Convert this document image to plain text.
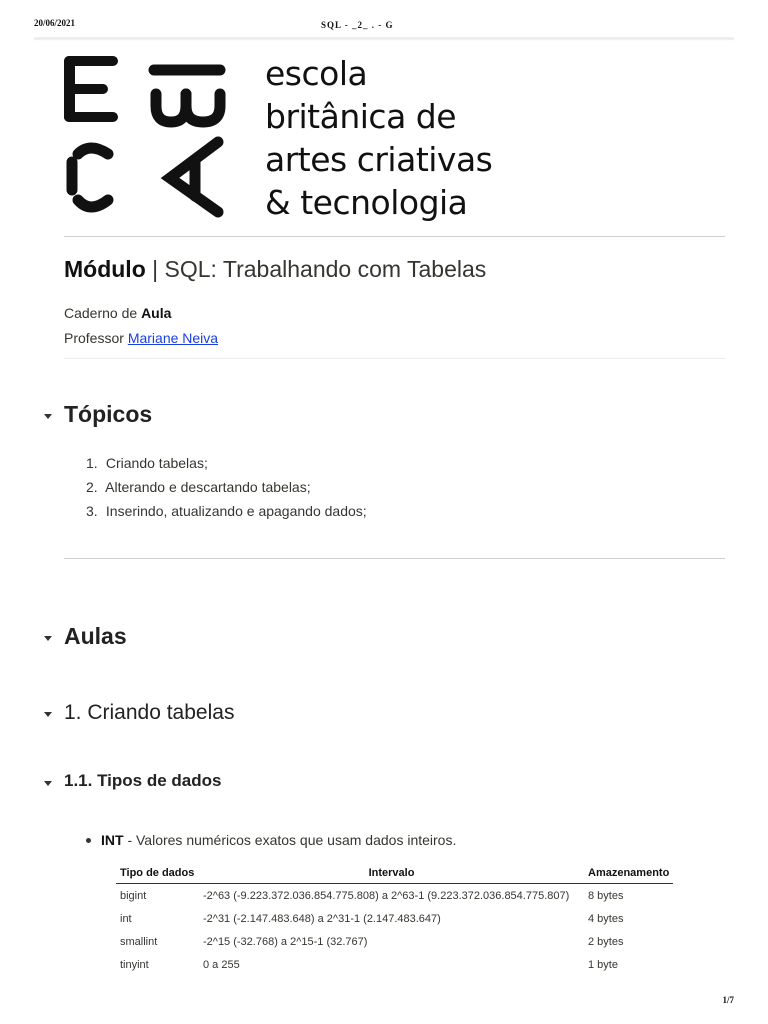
20/06/2021	SQL - _2_ . - G
escola
britânica de
artes criativas
& tecnologia
Módulo | SQL: Trabalhando com Tabelas
Caderno de Aula
Professor Mariane Neiva
Tópicos
1. Criando tabelas;
2. Alterando e descartando tabelas;
3. Inserindo, atualizando e apagando dados;
Aulas
1. Criando tabelas
1.1. Tipos de dados
INT - Valores numéricos exatos que usam dados inteiros.
Tipo de dados	Intervalo	Amazenamento
bigint	-2^63 (-9.223.372.036.854.775.808) a 2^63-1 (9.223.372.036.854.775.807)	8 bytes
int	-2^31 (-2.147.483.648) a 2^31-1 (2.147.483.647)	4 bytes
smallint	-2^15 (-32.768) a 2^15-1 (32.767)	2 bytes
tinyint	0 a 255	1 byte
1/7
